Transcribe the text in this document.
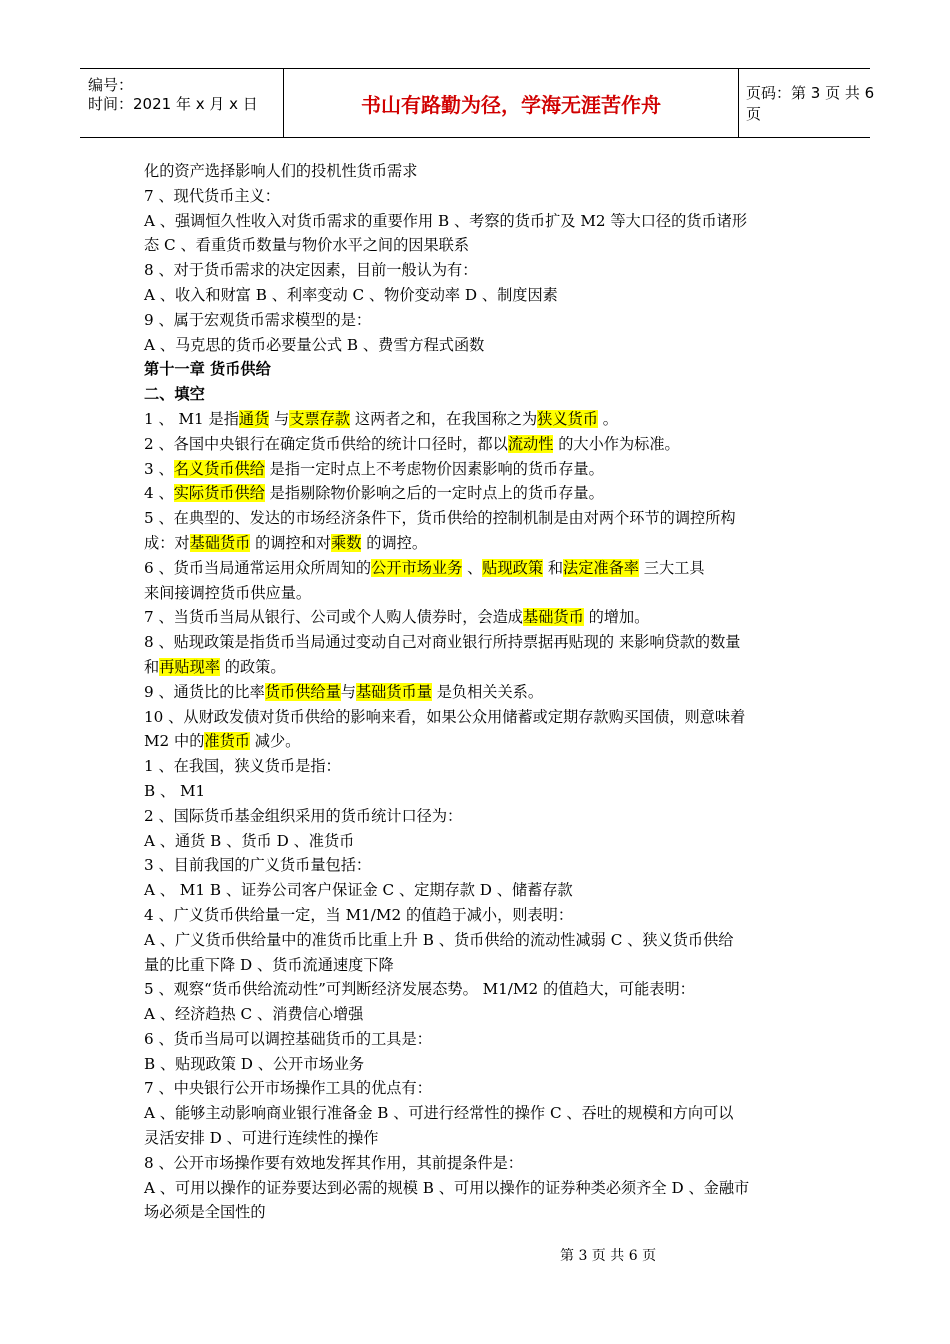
编号：
时间：2021 年 x 月 x 日	书山有路勤为径，学海无涯苦作舟	页码：第 3 页 共 6 页

化的资产选择影响人们的投机性货币需求

7 、现代货币主义：

A 、强调恒久性收入对货币需求的重要作用 B 、考察的货币扩及 M2 等大口径的货币诸形

态 C 、看重货币数量与物价水平之间的因果联系

8 、对于货币需求的决定因素，目前一般认为有：

A 、收入和财富 B 、利率变动 C 、物价变动率 D 、制度因素

9 、属于宏观货币需求模型的是：

A 、马克思的货币必要量公式 B 、费雪方程式函数

第十一章 货币供给

二、填空

1 、 M1 是指通货 与支票存款 这两者之和，在我国称之为狭义货币 。

2 、各国中央银行在确定货币供给的统计口径时，都以流动性 的大小作为标准。

3 、名义货币供给 是指一定时点上不考虑物价因素影响的货币存量。

4 、实际货币供给 是指剔除物价影响之后的一定时点上的货币存量。

5 、在典型的、发达的市场经济条件下，货币供给的控制机制是由对两个环节的调控所构

成：对基础货币 的调控和对乘数 的调控。

6 、货币当局通常运用众所周知的公开市场业务 、贴现政策 和法定准备率 三大工具

来间接调控货币供应量。

7 、当货币当局从银行、公司或个人购人债券时，会造成基础货币 的增加。

8 、贴现政策是指货币当局通过变动自己对商业银行所持票据再贴现的 来影响贷款的数量

和再贴现率 的政策。

9 、通货比的比率货币供给量与基础货币量 是负相关关系。

10 、从财政发债对货币供给的影响来看，如果公众用储蓄或定期存款购买国债，则意味着

M2 中的准货币 减少。

1 、在我国，狭义货币是指：

B 、 M1

2 、国际货币基金组织采用的货币统计口径为：

A 、通货 B 、货币 D 、准货币

3 、目前我国的广义货币量包括：

A 、 M1 B 、证券公司客户保证金 C 、定期存款 D 、储蓄存款

4 、广义货币供给量一定，当 M1/M2 的值趋于减小，则表明：

A 、广义货币供给量中的准货币比重上升 B 、货币供给的流动性减弱 C 、狭义货币供给

量的比重下降 D 、货币流通速度下降

5 、观察“货币供给流动性”可判断经济发展态势。 M1/M2 的值趋大，可能表明：

A 、经济趋热 C 、消费信心增强

6 、货币当局可以调控基础货币的工具是：

B 、贴现政策 D 、公开市场业务

7 、中央银行公开市场操作工具的优点有：

A 、能够主动影响商业银行准备金 B 、可进行经常性的操作 C 、吞吐的规模和方向可以

灵活安排 D 、可进行连续性的操作

8 、公开市场操作要有效地发挥其作用，其前提条件是：

A 、可用以操作的证券要达到必需的规模 B 、可用以操作的证券种类必须齐全 D 、金融市

场必须是全国性的

第 3 页 共 6 页
